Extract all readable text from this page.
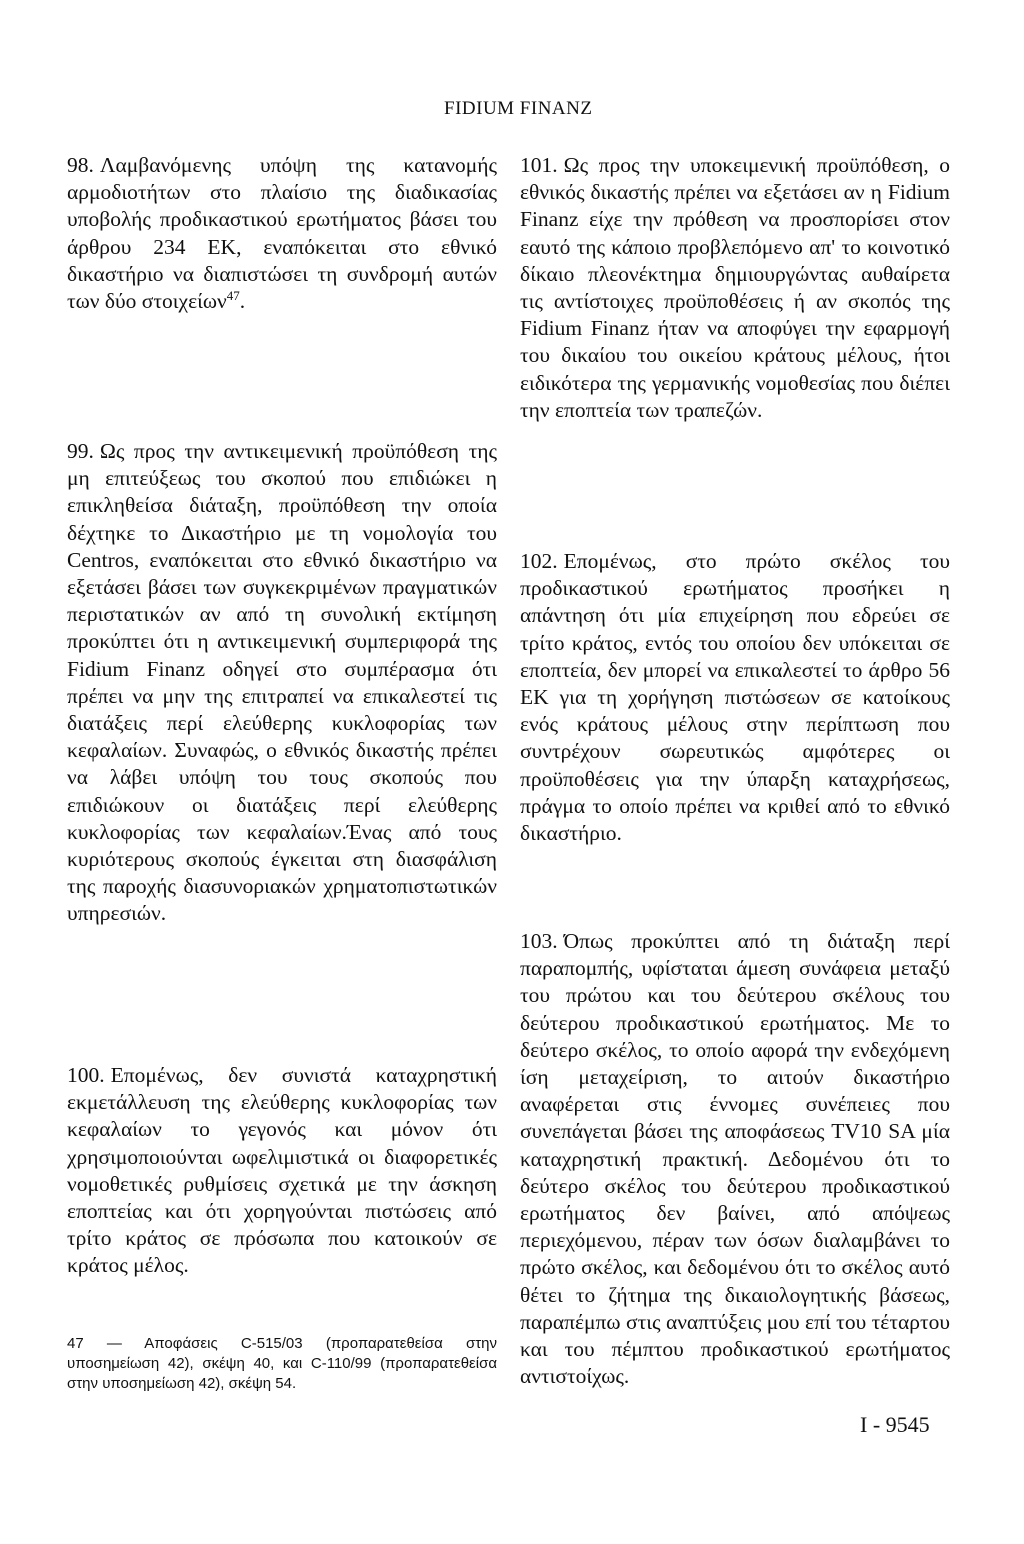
FIDIUM FINANZ

98. Λαμβανόμενης υπόψη της κατανομής αρμοδιοτήτων στο πλαίσιο της διαδικασίας υποβολής προδικαστικού ερωτήματος βάσει του άρθρου 234 ΕΚ, εναπόκειται στο εθνικό δικαστήριο να διαπιστώσει τη συνδρομή αυτών των δύο στοιχείων$^{47}$.

99. Ως προς την αντικειμενική προϋπόθεση της μη επιτεύξεως του σκοπού που επιδιώκει η επικληθείσα διάταξη, προϋπόθεση την οποία δέχτηκε το Δικαστήριο με τη νομολογία του Centros, εναπόκειται στο εθνικό δικαστήριο να εξετάσει βάσει των συγκεκριμένων πραγματικών περιστατικών αν από τη συνολική εκτίμηση προκύπτει ότι η αντικειμενική συμπεριφορά της Fidium Finanz οδηγεί στο συμπέρασμα ότι πρέπει να μην της επιτραπεί να επικαλεστεί τις διατάξεις περί ελεύθερης κυκλοφορίας των κεφαλαίων. Συναφώς, ο εθνικός δικαστής πρέπει να λάβει υπόψη του τους σκοπούς που επιδιώκουν οι διατάξεις περί ελεύθερης κυκλοφορίας των κεφαλαίων.Ένας από τους κυριότερους σκοπούς έγκειται στη διασφάλιση της παροχής διασυνοριακών χρηματοπιστωτικών υπηρεσιών.

100. Επομένως, δεν συνιστά καταχρηστική εκμετάλλευση της ελεύθερης κυκλοφορίας των κεφαλαίων το γεγονός και μόνον ότι χρησιμοποιούνται ωφελιμιστικά οι διαφορετικές νομοθετικές ρυθμίσεις σχετικά με την άσκηση εποπτείας και ότι χορηγούνται πιστώσεις από τρίτο κράτος σε πρόσωπα που κατοικούν σε κράτος μέλος.

101. Ως προς την υποκειμενική προϋπόθεση, ο εθνικός δικαστής πρέπει να εξετάσει αν η Fidium Finanz είχε την πρόθεση να προσπορίσει στον εαυτό της κάποιο προβλεπόμενο απ' το κοινοτικό δίκαιο πλεονέκτημα δημιουργώντας αυθαίρετα τις αντίστοιχες προϋποθέσεις ή αν σκοπός της Fidium Finanz ήταν να αποφύγει την εφαρμογή του δικαίου του οικείου κράτους μέλους, ήτοι ειδικότερα της γερμανικής νομοθεσίας που διέπει την εποπτεία των τραπεζών.

102. Επομένως, στο πρώτο σκέλος του προδικαστικού ερωτήματος προσήκει η απάντηση ότι μία επιχείρηση που εδρεύει σε τρίτο κράτος, εντός του οποίου δεν υπόκειται σε εποπτεία, δεν μπορεί να επικαλεστεί το άρθρο 56 ΕΚ για τη χορήγηση πιστώσεων σε κατοίκους ενός κράτους μέλους στην περίπτωση που συντρέχουν σωρευτικώς αμφότερες οι προϋποθέσεις για την ύπαρξη καταχρήσεως, πράγμα το οποίο πρέπει να κριθεί από το εθνικό δικαστήριο.

103. Όπως προκύπτει από τη διάταξη περί παραπομπής, υφίσταται άμεση συνάφεια μεταξύ του πρώτου και του δεύτερου σκέλους του δεύτερου προδικαστικού ερωτήματος. Με το δεύτερο σκέλος, το οποίο αφορά την ενδεχόμενη ίση μεταχείριση, το αιτούν δικαστήριο αναφέρεται στις έννομες συνέπειες που συνεπάγεται βάσει της αποφάσεως TV10 SA μία καταχρηστική πρακτική. Δεδομένου ότι το δεύτερο σκέλος του δεύτερου προδικαστικού ερωτήματος δεν βαίνει, από απόψεως περιεχόμενου, πέραν των όσων διαλαμβάνει το πρώτο σκέλος, και δεδομένου ότι το σκέλος αυτό θέτει το ζήτημα της δικαιολογητικής βάσεως, παραπέμπω στις αναπτύξεις μου επί του τέταρτου και του πέμπτου προδικαστικού ερωτήματος αντιστοίχως.

47 — Αποφάσεις C-515/03 (προπαρατεθείσα στην υποσημείωση 42), σκέψη 40, και C-110/99 (προπαρατεθείσα στην υποσημείωση 42), σκέψη 54.
I - 9545
